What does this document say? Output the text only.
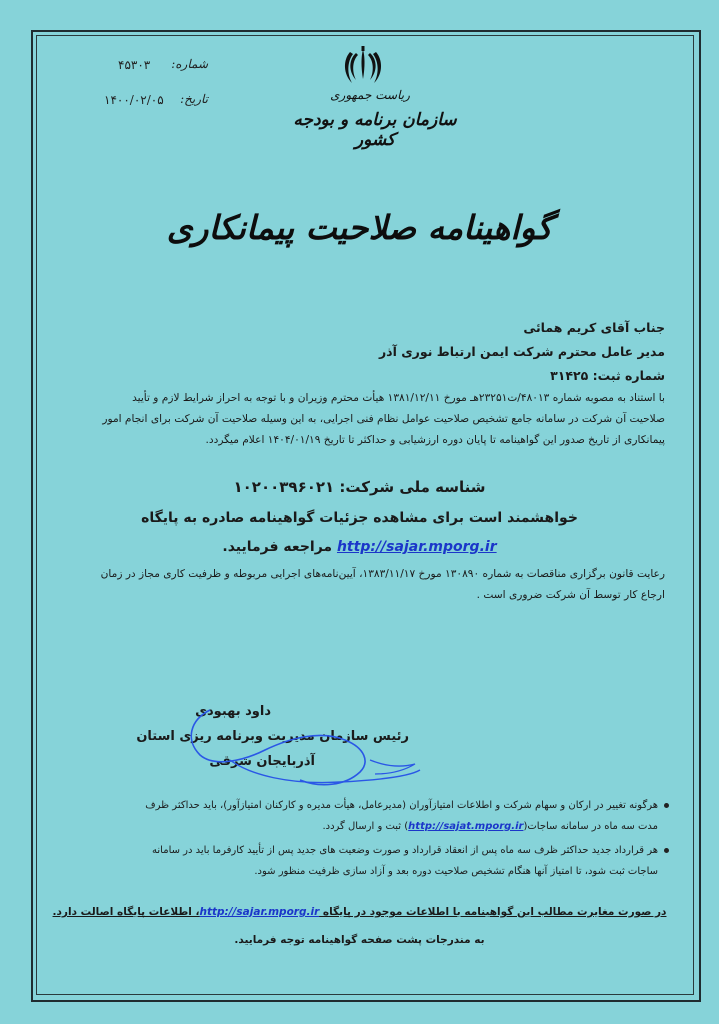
شماره:
۴۵۳۰۳
تاریخ:
۱۴۰۰/۰۲/۰۵	ریاست جمهوری
سازمان برنامه و بودجه کشور
گواهینامه صلاحیت پیمانکاری
جناب آقای کریم همائی
مدیر عامل محترم شرکت ایمن ارتباط نوری آذر
شماره ثبت: ۳۱۴۲۵
با استناد به مصوبه شماره ۴۸۰۱۳/ت۲۳۲۵۱هـ مورخ ۱۳۸۱/۱۲/۱۱ هیأت محترم وزیران و با توجه به احراز شرایط لازم و تأیید
صلاحیت آن شرکت در سامانه جامع تشخیص صلاحیت عوامل نظام فنی اجرایی، به این وسیله صلاحیت آن شرکت برای انجام امور
پیمانکاری از تاریخ صدور این گواهینامه تا پایان دوره ارزشیابی و حداکثر تا تاریخ ۱۴۰۴/۰۱/۱۹ اعلام میگردد.
شناسه ملی شرکت: ۱۰۲۰۰۳۹۶۰۲۱
خواهشمند است برای مشاهده جزئیات گواهینامه صادره به پایگاه
http://sajar.mporg.ir مراجعه فرمایید.
رعایت قانون برگزاری مناقصات به شماره ۱۳۰۸۹۰ مورخ ۱۳۸۳/۱۱/۱۷، آیین‌نامه‌های اجرایی مربوطه و ظرفیت کاری مجاز در زمان
ارجاع کار توسط آن شرکت ضروری است .
داود بهبودی
رئیس سازمان مدیریت وبرنامه ریزی استان
آذربایجان شرقی
هرگونه تغییر در ارکان و سهام شرکت و اطلاعات امتیازآوران (مدیرعامل، هیأت مدیره و کارکنان امتیازآور)، باید حداکثر ظرف
مدت سه ماه در سامانه ساجات(http://sajat.mporg.ir) ثبت و ارسال گردد.
هر قرارداد جدید حداکثر ظرف سه ماه پس از انعقاد قرارداد و صورت وضعیت های جدید پس از تأیید کارفرما باید در سامانه
ساجات ثبت شود، تا امتیاز آنها هنگام تشخیص صلاحیت دوره بعد و آزاد سازی ظرفیت منظور شود.
در صورت مغایرت مطالب این گواهینامه با اطلاعات موجود در پایگاه http://sajar.mporg.ir، اطلاعات پایگاه اصالت دارد.
به مندرجات پشت صفحه گواهینامه توجه فرمایید.
